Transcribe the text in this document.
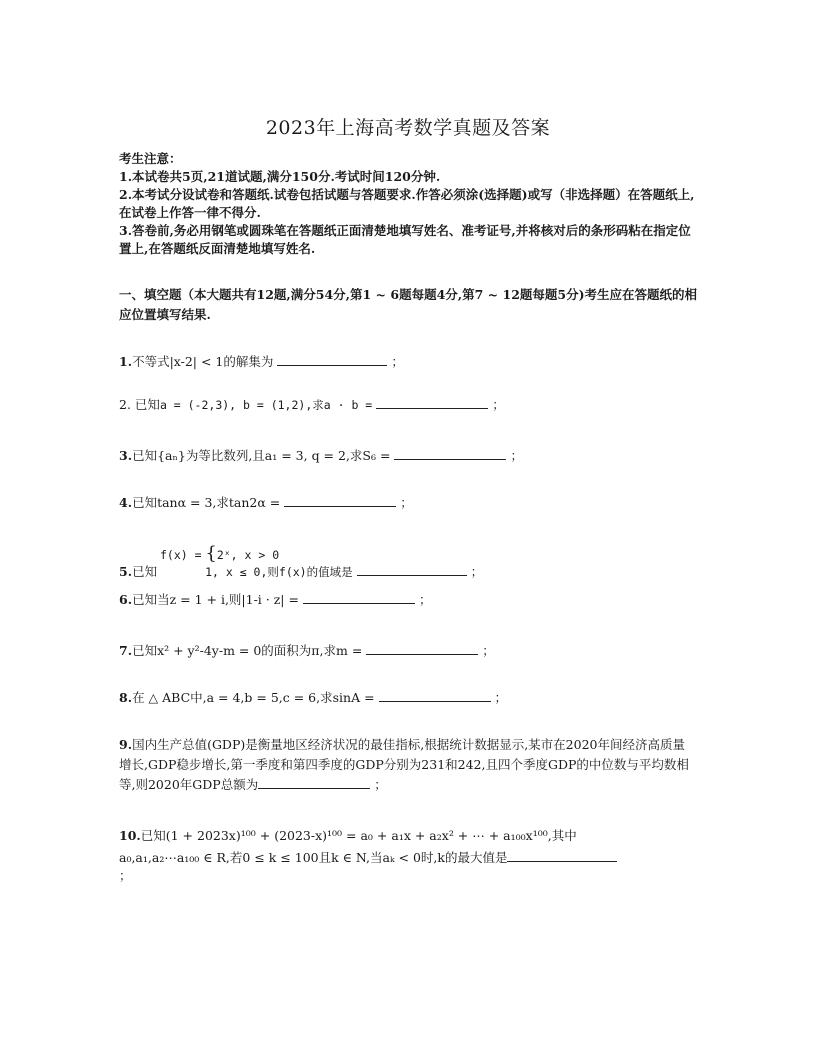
2023年上海高考数学真题及答案
考生注意：
1.本试卷共5页,21道试题,满分150分.考试时间120分钟.
2.本考试分设试卷和答题纸.试卷包括试题与答题要求.作答必须涂(选择题)或写（非选择题）在答题纸上,在试卷上作答一律不得分.
3.答卷前,务必用钢笔或圆珠笔在答题纸正面清楚地填写姓名、准考证号,并将核对后的条形码粘在指定位置上,在答题纸反面清楚地填写姓名.
一、填空题（本大题共有12题,满分54分,第1 ~ 6题每题4分,第7 ~ 12题每题5分)考生应在答题纸的相应位置填写结果.
1.不等式|x-2| < 1的解集为	；
2. 已知a = (-2,3), b = (1,2),求a · b =	；
3.已知{aₙ}为等比数列,且a₁ = 3, q = 2,求S₆ =	；
4.已知tanα = 3,求tan2α =	；
f(x) = {2ˣ, x > 0
5.已知	1, x ≤ 0,则f(x)的值域是	；
6.已知当z = 1 + i,则|1-i · z| =	；
7.已知x² + y²-4y-m = 0的面积为π,求m =	；
8.在 △ ABC中,a = 4,b = 5,c = 6,求sinA =	；
9.国内生产总值(GDP)是衡量地区经济状况的最佳指标,根据统计数据显示,某市在2020年间经济高质量增长,GDP稳步增长,第一季度和第四季度的GDP分别为231和242,且四个季度GDP的中位数与平均数相等,则2020年GDP总额为	；
10.已知(1 + 2023x)¹⁰⁰ + (2023-x)¹⁰⁰ = a₀ + a₁x + a₂x² + ⋯ + a₁₀₀x¹⁰⁰,其中
a₀,a₁,a₂⋯a₁₀₀ ∈ R,若0 ≤ k ≤ 100且k ∈ N,当aₖ < 0时,k的最大值是
；
